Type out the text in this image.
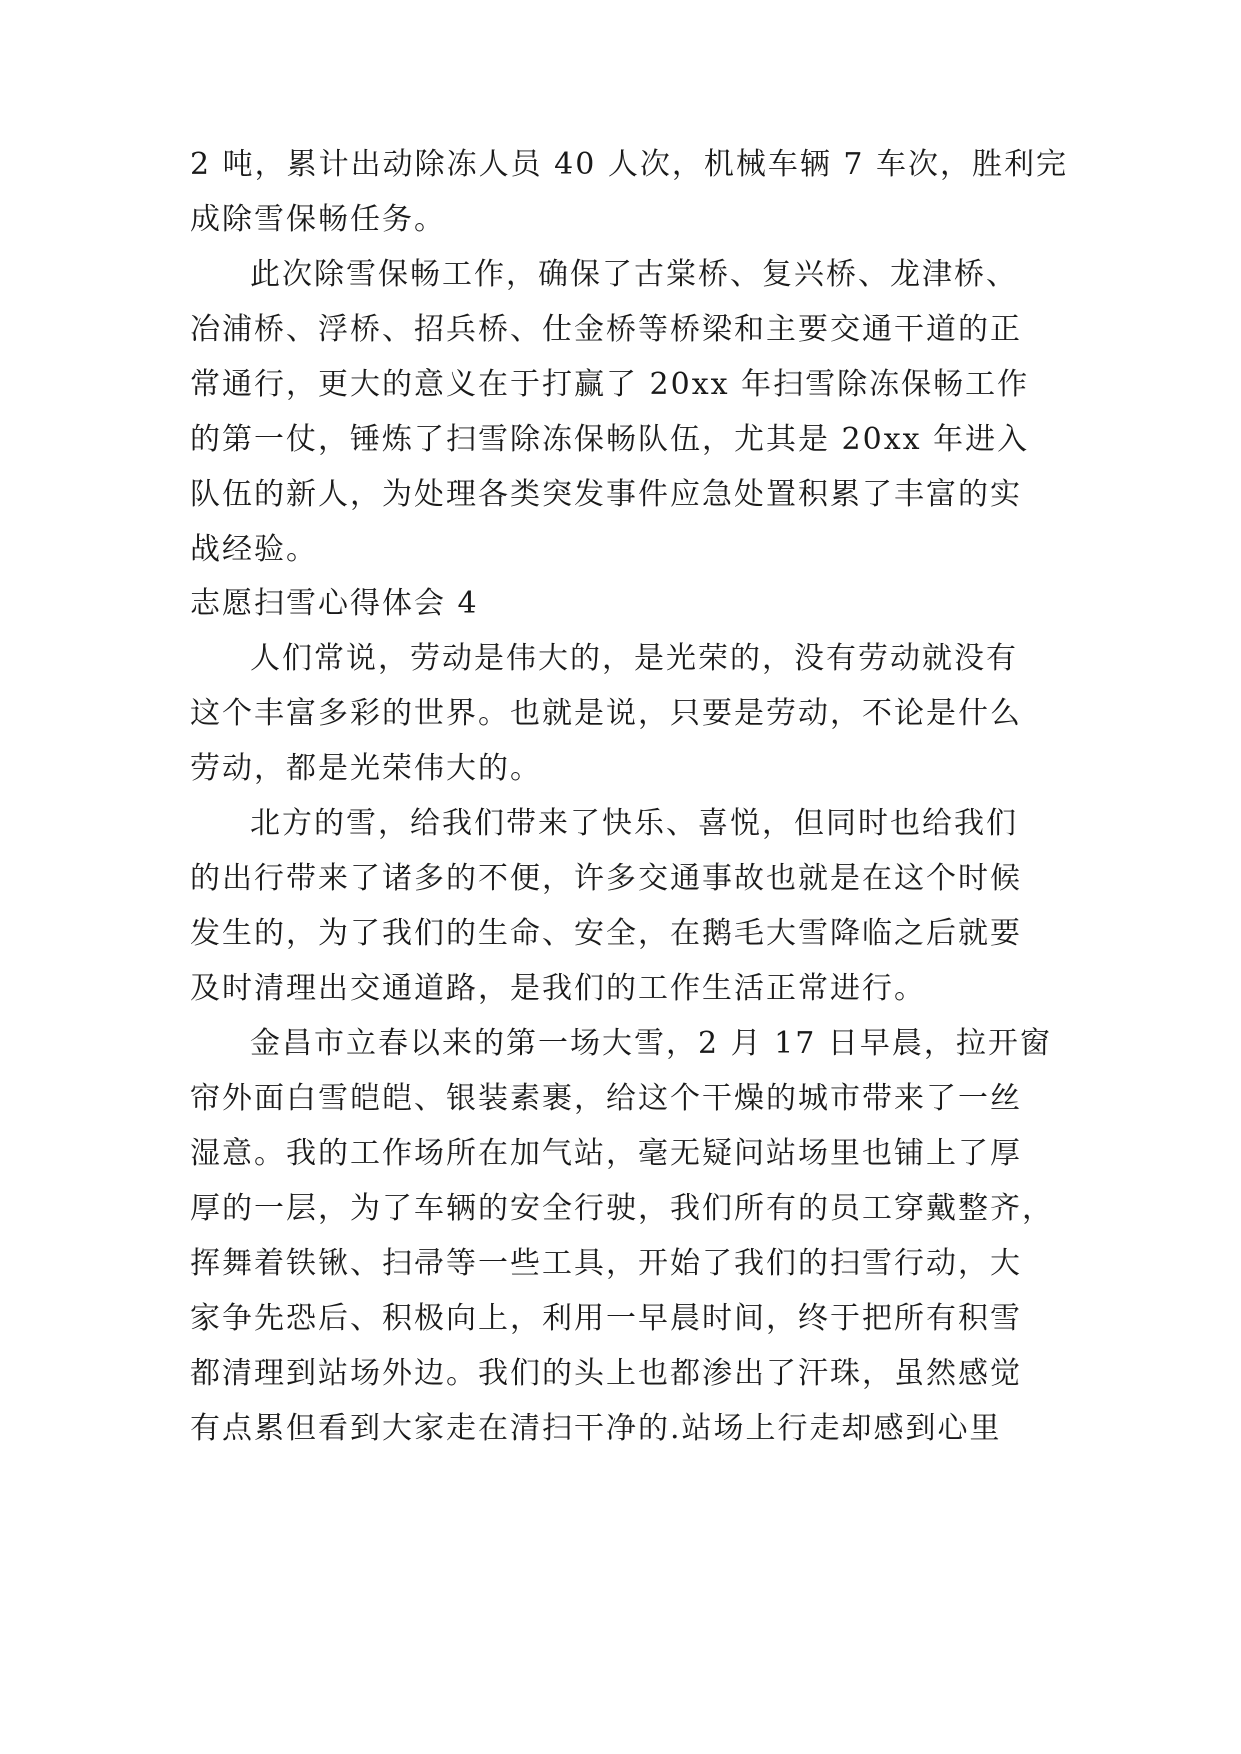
2 吨，累计出动除冻人员 40 人次，机械车辆 7 车次，胜利完

成除雪保畅任务。

此次除雪保畅工作，确保了古棠桥、复兴桥、龙津桥、

冶浦桥、浮桥、招兵桥、仕金桥等桥梁和主要交通干道的正

常通行，更大的意义在于打赢了 20xx 年扫雪除冻保畅工作

的第一仗，锤炼了扫雪除冻保畅队伍，尤其是 20xx 年进入

队伍的新人，为处理各类突发事件应急处置积累了丰富的实

战经验。

志愿扫雪心得体会 4

人们常说，劳动是伟大的，是光荣的，没有劳动就没有

这个丰富多彩的世界。也就是说，只要是劳动，不论是什么

劳动，都是光荣伟大的。

北方的雪，给我们带来了快乐、喜悦，但同时也给我们

的出行带来了诸多的不便，许多交通事故也就是在这个时候

发生的，为了我们的生命、安全，在鹅毛大雪降临之后就要

及时清理出交通道路，是我们的工作生活正常进行。

金昌市立春以来的第一场大雪，2 月 17 日早晨，拉开窗

帘外面白雪皑皑、银装素裹，给这个干燥的城市带来了一丝

湿意。我的工作场所在加气站，毫无疑问站场里也铺上了厚

厚的一层，为了车辆的安全行驶，我们所有的员工穿戴整齐，

挥舞着铁锹、扫帚等一些工具，开始了我们的扫雪行动，大

家争先恐后、积极向上，利用一早晨时间，终于把所有积雪

都清理到站场外边。我们的头上也都渗出了汗珠，虽然感觉

有点累但看到大家走在清扫干净的.站场上行走却感到心里
